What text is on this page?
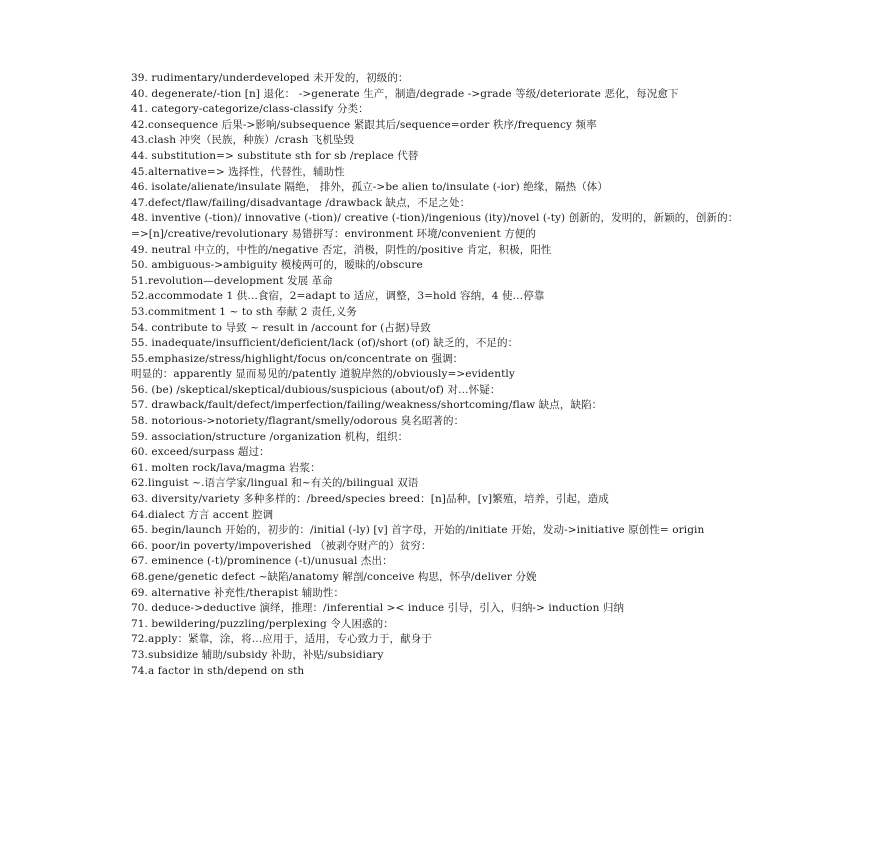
39. rudimentary/underdeveloped 未开发的，初级的：

40. degenerate/-tion [n] 退化： ->generate 生产，制造/degrade ->grade 等级/deteriorate 恶化，每况愈下

41. category-categorize/class-classify 分类：

42.consequence 后果->影响/subsequence 紧跟其后/sequence=order 秩序/frequency 频率

43.clash 冲突（民族，种族）/crash 飞机坠毁

44. substitution=> substitute sth for sb /replace 代替

45.alternative=> 选择性，代替性，辅助性

46. isolate/alienate/insulate 隔绝， 排外，孤立->be alien to/insulate (-ior) 绝缘，隔热（体）

47.defect/flaw/failing/disadvantage /drawback 缺点，不足之处：

48. inventive (-tion)/ innovative (-tion)/ creative (-tion)/ingenious (ity)/novel (-ty) 创新的，发明的，新颖的，创新的： =>[n]/creative/revolutionary 易错拼写：environment 环境/convenient 方便的

49. neutral 中立的，中性的/negative 否定，消极，阴性的/positive 肯定，积极，阳性

50. ambiguous->ambiguity 模棱两可的，暧昧的/obscure

51.revolution—development 发展 革命

52.accommodate 1 供…食宿，2=adapt to 适应，调整，3=hold 容纳，4 使…停靠

53.commitment 1 ~ to sth 奉献 2 责任,义务

54. contribute to 导致 ~ result in /account for (占据)导致

55. inadequate/insufficient/deficient/lack (of)/short (of) 缺乏的，不足的：

55.emphasize/stress/highlight/focus on/concentrate on 强调：

明显的：apparently 显而易见的/patently 道貌岸然的/obviously=>evidently

56. (be) /skeptical/skeptical/dubious/suspicious (about/of) 对…怀疑：

57. drawback/fault/defect/imperfection/failing/weakness/shortcoming/flaw 缺点，缺陷：

58. notorious->notoriety/flagrant/smelly/odorous 臭名昭著的：

59. association/structure /organization 机构，组织：

60. exceed/surpass 超过：

61. molten rock/lava/magma 岩浆：

62.linguist ~.语言学家/lingual 和~有关的/bilingual 双语

63. diversity/variety 多种多样的：/breed/species breed：[n]品种，[v]繁殖，培养，引起，造成

64.dialect 方言 accent 腔调

65. begin/launch 开始的，初步的：/initial (-ly) [v] 首字母，开始的/initiate 开始，发动->initiative 原创性= origin

66. poor/in poverty/impoverished （被剥夺财产的）贫穷：

67. eminence (-t)/prominence (-t)/unusual 杰出：

68.gene/genetic defect ~缺陷/anatomy 解剖/conceive 构思，怀孕/deliver 分娩

69. alternative 补充性/therapist 辅助性：

70. deduce->deductive 演绎，推理：/inferential >< induce 引导，引入，归纳-> induction 归纳

71. bewildering/puzzling/perplexing 令人困惑的：

72.apply：紧靠，涂，将…应用于，适用，专心致力于，献身于

73.subsidize 辅助/subsidy 补助，补贴/subsidiary

74.a factor in sth/depend on sth
